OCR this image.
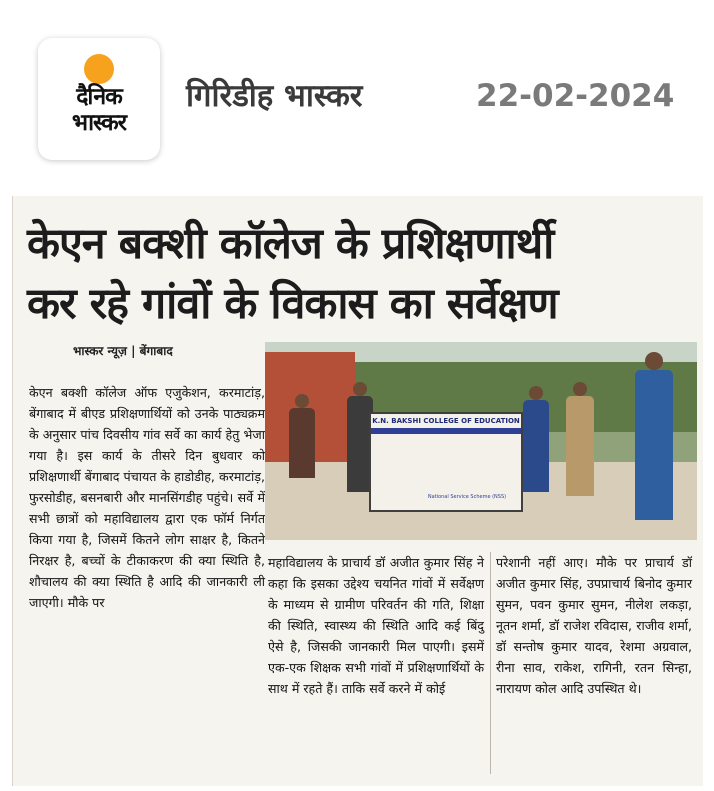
दैनिक
भास्कर
गिरिडीह भास्कर	22-02-2024
केएन बक्शी कॉलेज के प्रशिक्षणार्थी
कर रहे गांवों के विकास का सर्वेक्षण
भास्कर न्यूज़ | बेंगाबाद
केएन बक्शी कॉलेज ऑफ एजुकेशन, करमाटांड़, बेंगाबाद में बीएड प्रशिक्षणार्थियों को उनके पाठ्यक्रम के अनुसार पांच दिवसीय गांव सर्वे का कार्य हेतु भेजा गया है। इस कार्य के तीसरे दिन बुधवार को प्रशिक्षणार्थी बेंगाबाद पंचायत के हाडोडीह, करमाटांड़, फुरसोडीह, बसनबारी और मानसिंगडीह पहुंचे। सर्वे में सभी छात्रों को महाविद्यालय द्वारा एक फॉर्म निर्गत किया गया है, जिसमें कितने लोग साक्षर है, कितने निरक्षर है, बच्चों के टीकाकरण की क्या स्थिति है, शौचालय की क्या स्थिति है आदि की जानकारी ली जाएगी। मौके पर
K.N. BAKSHI COLLEGE OF EDUCATION
National Service Scheme (NSS)
महाविद्यालय के प्राचार्य डॉ अजीत कुमार सिंह ने कहा कि इसका उद्देश्य चयनित गांवों में सर्वेक्षण के माध्यम से ग्रामीण परिवर्तन की गति, शिक्षा की स्थिति, स्वास्थ्य की स्थिति आदि कई बिंदु ऐसे है, जिसकी जानकारी मिल पाएगी। इसमें एक-एक शिक्षक सभी गांवों में प्रशिक्षणार्थियों के साथ में रहते हैं। ताकि सर्वे करने में कोई
परेशानी नहीं आए। मौके पर प्राचार्य डॉ अजीत कुमार सिंह, उपप्राचार्य बिनोद कुमार सुमन, पवन कुमार सुमन, नीलेश लकड़ा, नूतन शर्मा, डॉ राजेश रविदास, राजीव शर्मा, डॉ सन्तोष कुमार यादव, रेशमा अग्रवाल, रीना साव, राकेश, रागिनी, रतन सिन्हा, नारायण कोल आदि उपस्थित थे।
